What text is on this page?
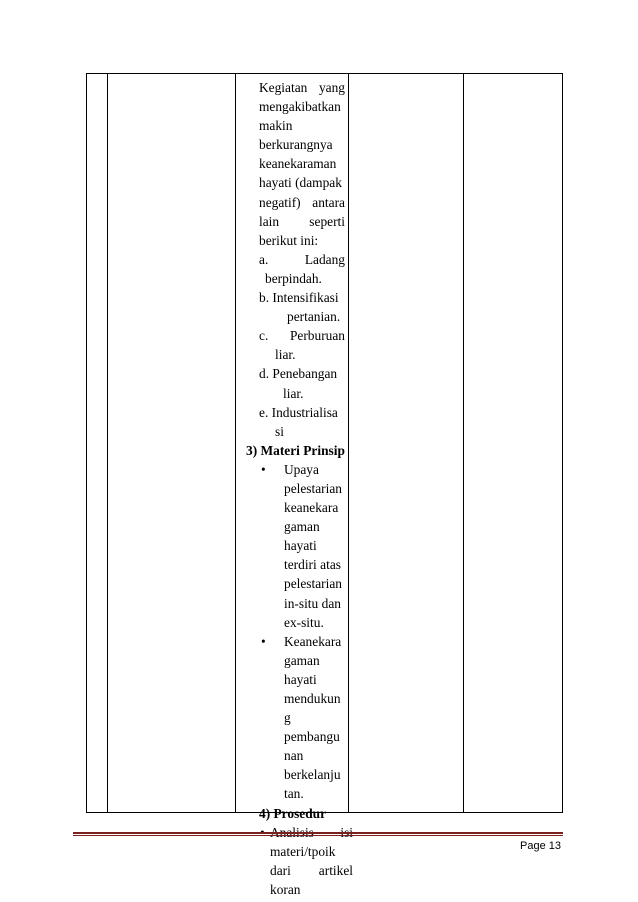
Kegiatan yang
mengakibatkan
makin
berkurangnya
keanekaraman
hayati (dampak
negatif) antara
lain seperti
berikut ini:
a.	Ladang
berpindah.
b. Intensifikasi
pertanian.
c. Perburuan
liar.
d. Penebangan
liar.
e. Industrialisa
si
3) Materi Prinsip
• Upaya
pelestarian
keanekara
gaman
hayati
terdiri atas
pelestarian
in-situ dan
ex-situ.
• Keanekara
gaman
hayati
mendukun
g
pembangu
nan
berkelanju
tan.
4) Prosedur
materi/tpoik
dari artikel
koran
Page 13
